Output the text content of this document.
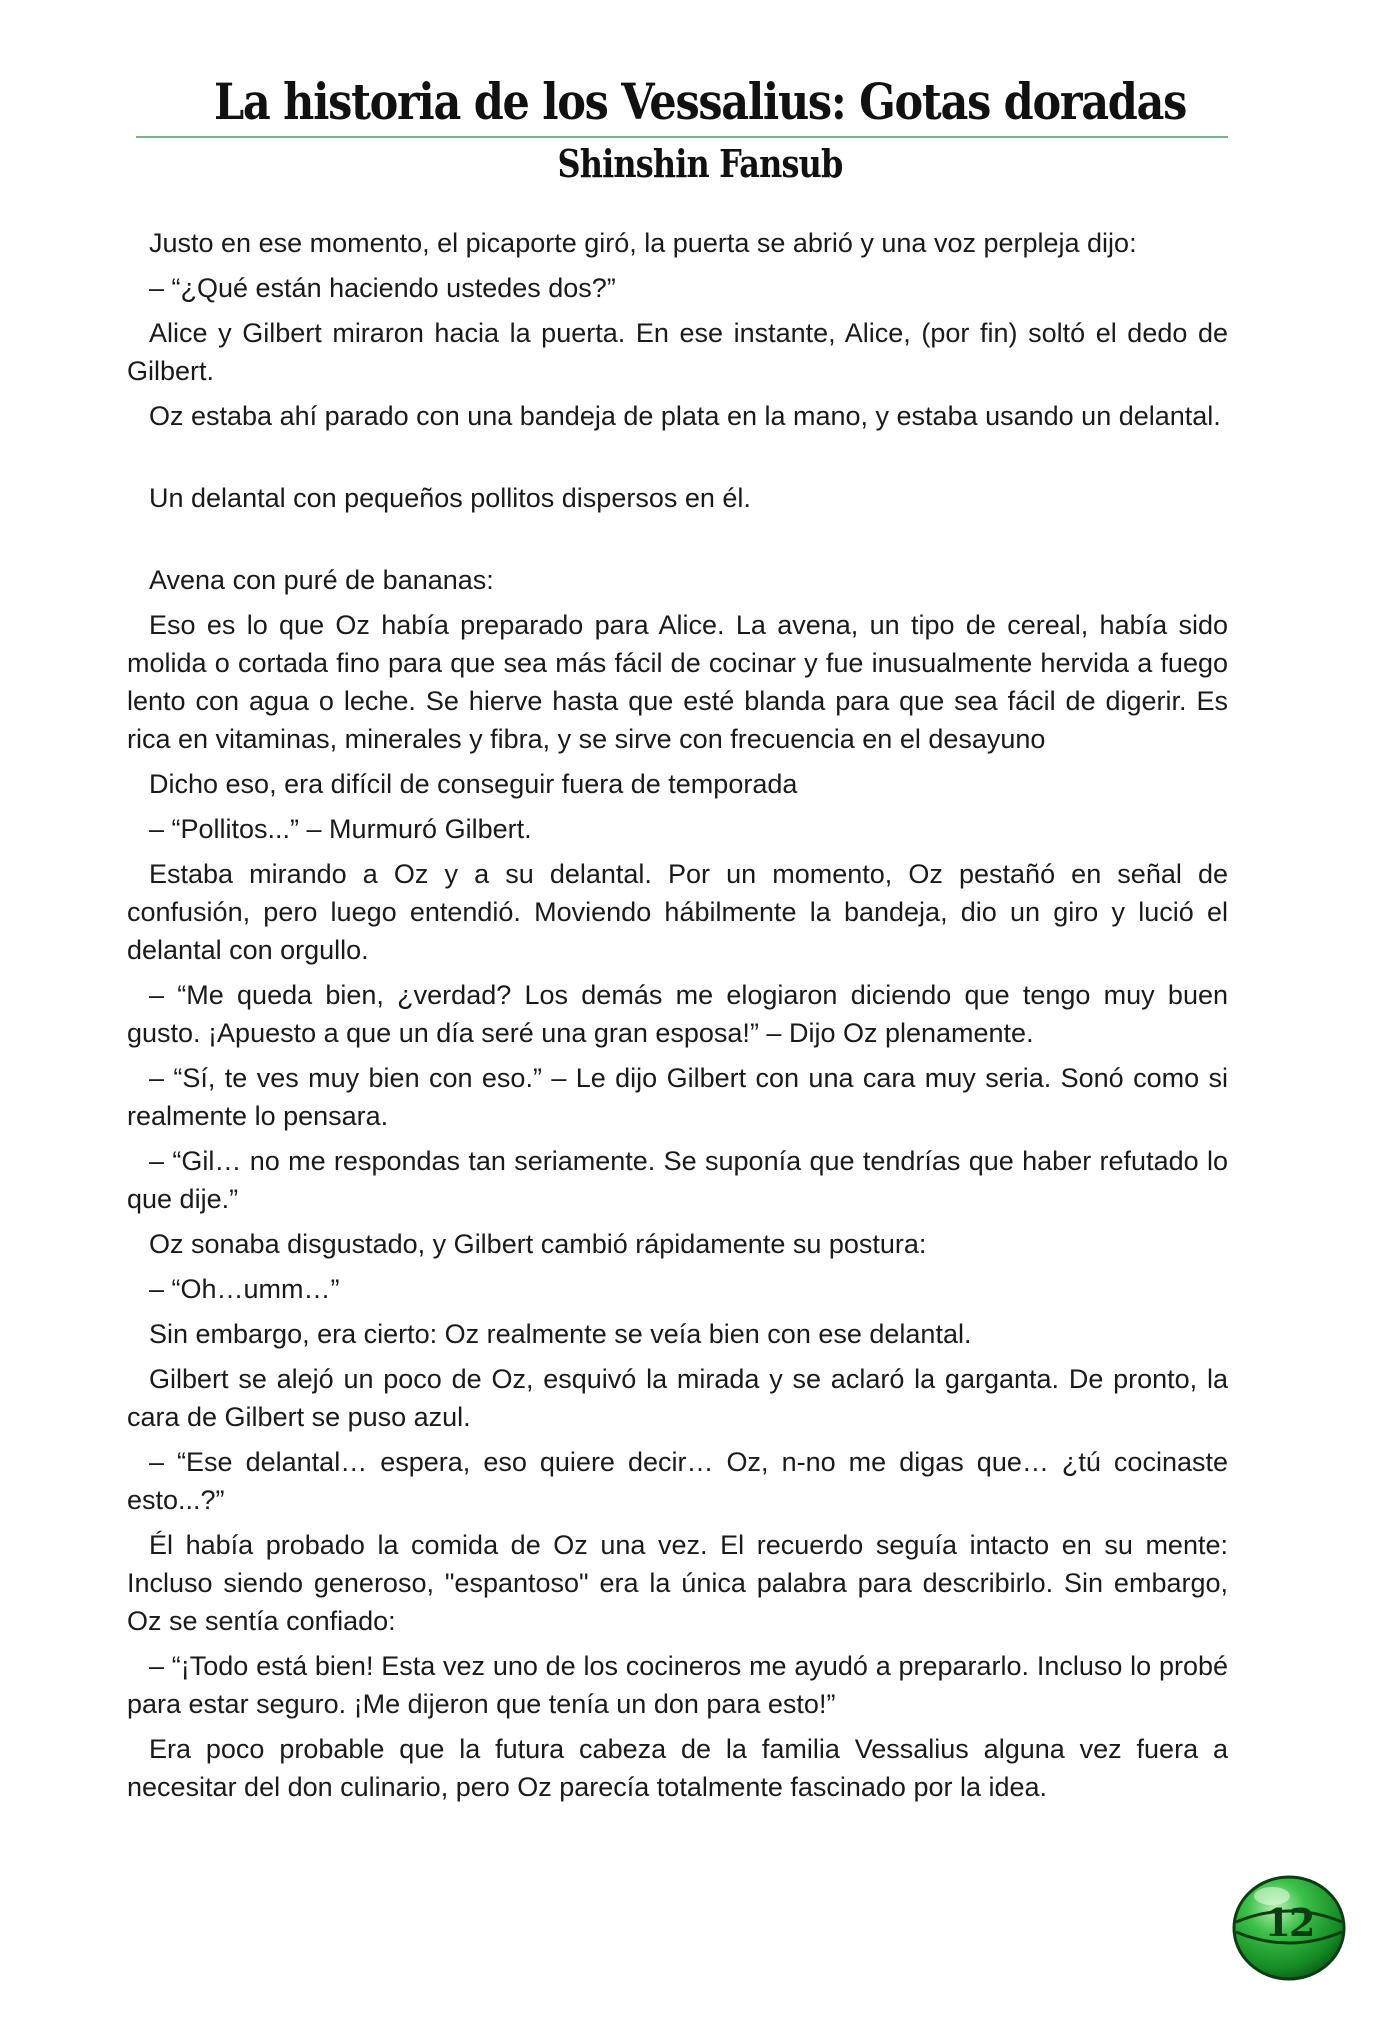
La historia de los Vessalius: Gotas doradas
Shinshin Fansub

Justo en ese momento, el picaporte giró, la puerta se abrió y una voz perpleja dijo:

– “¿Qué están haciendo ustedes dos?”

Alice y Gilbert miraron hacia la puerta. En ese instante, Alice, (por fin) soltó el dedo de Gilbert.

Oz estaba ahí parado con una bandeja de plata en la mano, y estaba usando un delantal.

Un delantal con pequeños pollitos dispersos en él.

Avena con puré de bananas:

Eso es lo que Oz había preparado para Alice. La avena, un tipo de cereal, había sido molida o cortada fino para que sea más fácil de cocinar y fue inusualmente hervida a fuego lento con agua o leche. Se hierve hasta que esté blanda para que sea fácil de digerir. Es rica en vitaminas, minerales y fibra, y se sirve con frecuencia en el desayuno

Dicho eso, era difícil de conseguir fuera de temporada

– “Pollitos...” – Murmuró Gilbert.

Estaba mirando a Oz y a su delantal. Por un momento, Oz pestañó en señal de confusión, pero luego entendió. Moviendo hábilmente la bandeja, dio un giro y lució el delantal con orgullo.

– “Me queda bien, ¿verdad? Los demás me elogiaron diciendo que tengo muy buen gusto. ¡Apuesto a que un día seré una gran esposa!” – Dijo Oz plenamente.

– “Sí, te ves muy bien con eso.” – Le dijo Gilbert con una cara muy seria. Sonó como si realmente lo pensara.

– “Gil… no me respondas tan seriamente. Se suponía que tendrías que haber refutado lo que dije.”

Oz sonaba disgustado, y Gilbert cambió rápidamente su postura:

– “Oh…umm…”

Sin embargo, era cierto: Oz realmente se veía bien con ese delantal.

Gilbert se alejó un poco de Oz, esquivó la mirada y se aclaró la garganta. De pronto, la cara de Gilbert se puso azul.

– “Ese delantal… espera, eso quiere decir… Oz, n-no me digas que… ¿tú cocinaste esto...?”

Él había probado la comida de Oz una vez. El recuerdo seguía intacto en su mente: Incluso siendo generoso, "espantoso" era la única palabra para describirlo. Sin embargo, Oz se sentía confiado:

– “¡Todo está bien! Esta vez uno de los cocineros me ayudó a prepararlo. Incluso lo probé para estar seguro. ¡Me dijeron que tenía un don para esto!”

Era poco probable que la futura cabeza de la familia Vessalius alguna vez fuera a necesitar del don culinario, pero Oz parecía totalmente fascinado por la idea.

12
